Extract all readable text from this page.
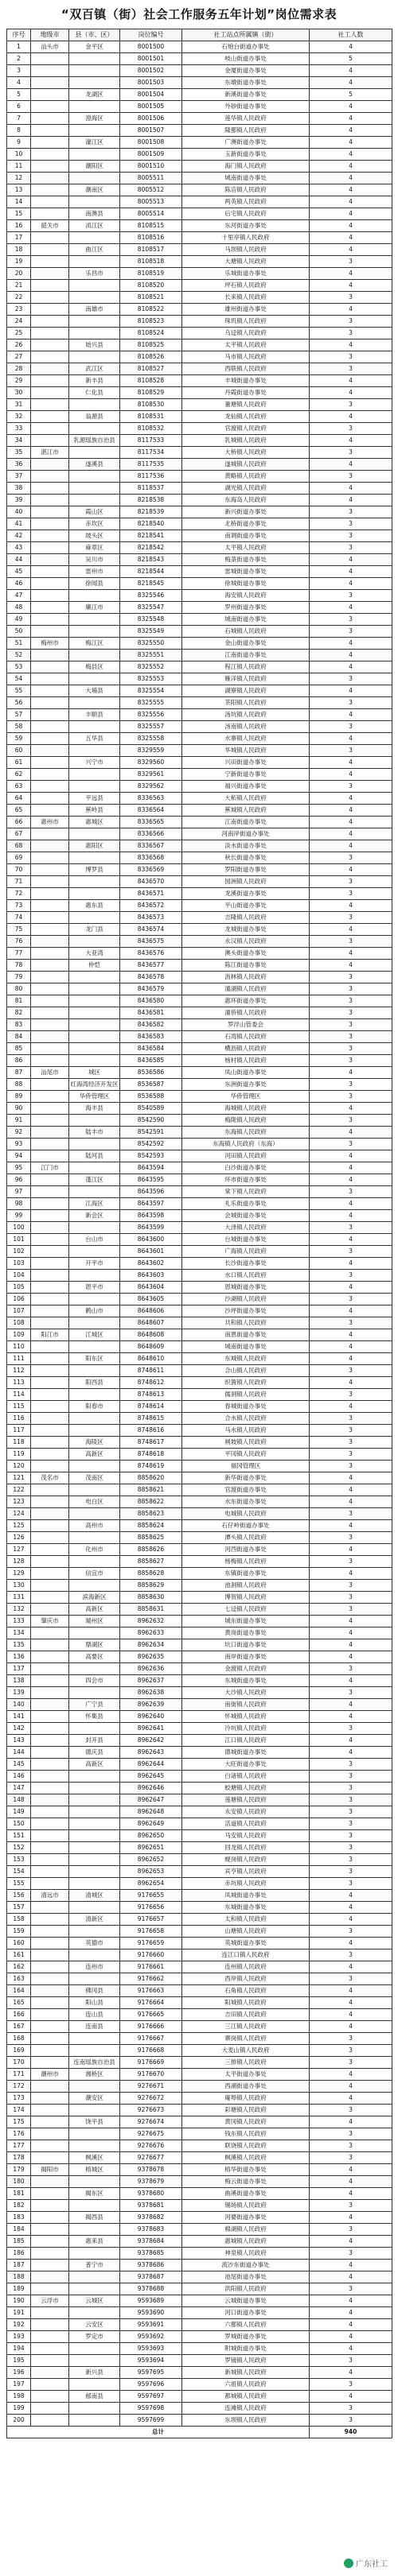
“双百镇（街）社会工作服务五年计划”岗位需求表
序号	地级市	县（市、区）	岗位编号	社工站点所属镇（街）	社工人数
1	汕头市	金平区	8001500	石炮台街道办事处	4
2			8001501	岐山街道办事处	5
3			8001502	金厦街道办事处	4
4			8001503	东墩街道办事处	4
5		龙湖区	8001504	新溪街道办事处	5
6			8001505	外砂街道办事处	4
7		澄海区	8001506	莲华镇人民政府	4
8			8001507	隆都镇人民政府	4
9		濠江区	8001508	广澳街道办事处	4
10			8001509	玉新街道办事处	4
11		潮阳区	8001510	海门镇人民政府	4
12			8005511	城南街道办事处	4
13		潮南区	8005512	陈店镇人民政府	4
14			8005513	两英镇人民政府	4
15		南澳县	8005514	后宅镇人民政府	4
16	韶关市	浈江区	8108515	东河街道办事处	4
17			8108516	十里亭镇人民政府	4
18		曲江区	8108517	马坝镇人民政府	4
19			8108518	大塘镇人民政府	3
20		乐昌市	8108519	乐城街道办事处	4
21			8108520	坪石镇人民政府	4
22			8108521	长来镇人民政府	3
23		南雄市	8108522	雄州街道办事处	4
24			8108523	珠玑镇人民政府	3
25			8108524	乌迳镇人民政府	3
26		始兴县	8108525	太平镇人民政府	4
27			8108526	马市镇人民政府	3
28		武江区	8108527	西联镇人民政府	3
29		新丰县	8108528	丰城街道办事处	4
30		仁化县	8108529	丹霞街道办事处	4
31			8108530	董塘镇人民政府	3
32		翁源县	8108531	龙仙镇人民政府	4
33			8108532	官渡镇人民政府	3
34		乳源瑶族自治县	8117533	乳城镇人民政府	4
35	湛江市		8117534	大桥镇人民政府	3
36		遂溪县	8117535	遂城镇人民政府	4
37			8117536	黄略镇人民政府	3
38			8118537	湖光镇人民政府	4
39			8218538	东海岛人民政府	4
40		霞山区	8218539	新兴街道办事处	3
41		赤坎区	8218540	北桥街道办事处	3
42		坡头区	8218541	南调街道办事处	3
43		麻章区	8218542	太平镇人民政府	3
44		吴川市	8218543	梅菉街道办事处	4
45		雷州市	8218544	雷城街道办事处	4
46		徐闻县	8218545	徐城街道办事处	4
47			8325546	海安镇人民政府	3
48		廉江市	8325547	罗州街道办事处	4
49			8325548	城南街道办事处	3
50			8325549	石城镇人民政府	3
51	梅州市	梅江区	8325550	金山街道办事处	4
52			8325551	江南街道办事处	4
53		梅县区	8325552	程江镇人民政府	4
54			8325553	雁洋镇人民政府	3
55		大埔县	8325554	湖寮镇人民政府	4
56			8325555	茶阳镇人民政府	3
57		丰顺县	8325556	汤坑镇人民政府	4
58			8325557	汤南镇人民政府	3
59		五华县	8325558	水寨镇人民政府	4
60			8329559	华城镇人民政府	3
61		兴宁市	8329560	兴田街道办事处	4
62			8329561	宁新街道办事处	4
63			8329562	福兴街道办事处	3
64		平远县	8336563	大柘镇人民政府	4
65		蕉岭县	8336564	蕉城镇人民政府	4
66	惠州市	惠城区	8336565	江南街道办事处	4
67			8336566	河南岸街道办事处	4
68		惠阳区	8336567	淡水街道办事处	4
69			8336568	秋长街道办事处	3
70		博罗县	8336569	罗阳街道办事处	4
71			8436570	园洲镇人民政府	3
72			8436571	龙溪街道办事处	3
73		惠东县	8436572	平山街道办事处	4
74			8436573	吉隆镇人民政府	3
75		龙门县	8436574	龙城街道办事处	4
76			8436575	永汉镇人民政府	3
77		大亚湾	8436576	澳头街道办事处	4
78		仲恺	8436577	陈江街道办事处	4
79			8436578	沥林镇人民政府	3
80			8436579	潼湖镇人民政府	3
81			8436580	惠环街道办事处	3
82			8436581	潼侨镇人民政府	3
83			8436582	罗浮山管委会	3
84			8436583	石湾镇人民政府	3
85			8436584	横沥镇人民政府	3
86			8436585	杨村镇人民政府	3
87	汕尾市	城区	8536586	凤山街道办事处	4
88		红海湾经济开发区	8536587	东洲街道办事处	3
89		华侨管理区	8536588	华侨管理区	3
90		海丰县	8540589	海城镇人民政府	4
91			8542590	梅陇镇人民政府	3
92		陆丰市	8542591	东海镇人民政府	4
93			8542592	东海镇人民政府（东海）	3
94		陆河县	8542593	河田镇人民政府	4
95	江门市		8643594	白沙街道办事处	4
96		蓬江区	8643595	环市街道办事处	4
97			8643596	棠下镇人民政府	3
98		江海区	8643597	礼乐街道办事处	4
99		新会区	8643598	会城街道办事处	4
100			8643599	大泽镇人民政府	3
101		台山市	8643600	台城街道办事处	4
102			8643601	广海镇人民政府	3
103		开平市	8643602	长沙街道办事处	4
104			8643603	水口镇人民政府	3
105		恩平市	8643604	恩城街道办事处	4
106			8643605	沙湖镇人民政府	3
107		鹤山市	8648606	沙坪街道办事处	4
108			8648607	共和镇人民政府	3
109	阳江市	江城区	8648608	南恩街道办事处	4
110			8648609	城南街道办事处	4
111		阳东区	8648610	东城镇人民政府	4
112			8748611	合山镇人民政府	3
113		阳西县	8748612	织篢镇人民政府	4
114			8748613	儒洞镇人民政府	3
115		阳春市	8748614	春城街道办事处	4
116			8748615	合水镇人民政府	3
117			8748616	马水镇人民政府	3
118		海陵区	8748617	闸坡镇人民政府	3
119		高新区	8748618	平冈镇人民政府	3
120			8748619	福冈管理区	3
121	茂名市	茂南区	8858620	新华街道办事处	4
122			8858621	官渡街道办事处	4
123		电白区	8858622	水东街道办事处	4
124			8858623	电城镇人民政府	3
125		高州市	8858624	石仔岭街道办事处	4
126			8858625	潭头镇人民政府	3
127		化州市	8858626	河西街道办事处	4
128			8858627	杨梅镇人民政府	3
129		信宜市	8858628	东镇街道办事处	4
130			8858629	池洞镇人民政府	3
131		滨海新区	8858630	博贺镇人民政府	3
132		高新区	8858631	七迳镇人民政府	3
133	肇庆市	端州区	8962632	城东街道办事处	4
134			8962633	黄岗街道办事处	4
135		鼎湖区	8962634	坑口街道办事处	4
136		高要区	8962635	南岸街道办事处	4
137			8962636	金渡镇人民政府	3
138		四会市	8962637	东城街道办事处	4
139			8962638	大沙镇人民政府	3
140		广宁县	8962639	南街镇人民政府	4
141		怀集县	8962640	怀城镇人民政府	4
142			8962641	冷坑镇人民政府	3
143		封开县	8962642	江口镇人民政府	4
144		德庆县	8962643	德城街道办事处	4
145		高新区	8962644	大旺街道办事处	3
146			8962645	白诸镇人民政府	3
147			8962646	蛟塘镇人民政府	3
148			8962647	莲塘镇人民政府	3
149			8962648	永安镇人民政府	3
150			8962649	活道镇人民政府	3
151			8962650	马安镇人民政府	3
152			8962651	回龙镇人民政府	3
153			8962652	蚬岗镇人民政府	3
154			8962653	宾亨镇人民政府	3
155			8962654	赤坑镇人民政府	3
156	清远市	清城区	9176655	凤城街道办事处	4
157			9176656	东城街道办事处	4
158		清新区	9176657	太和镇人民政府	4
159			9176658	山塘镇人民政府	3
160		英德市	9176659	英城街道办事处	4
161			9176660	连江口镇人民政府	3
162		连州市	9176661	连州镇人民政府	4
163			9176662	西岸镇人民政府	3
164		佛冈县	9176663	石角镇人民政府	4
165		阳山县	9176664	阳城镇人民政府	4
166		连山县	9176665	吉田镇人民政府	4
167		连南县	9176666	三江镇人民政府	4
168			9176667	寨岗镇人民政府	3
169			9176668	大麦山镇人民政府	3
170		连南瑶族自治县	9176669	三排镇人民政府	3
171	潮州市	湘桥区	9176670	太平街道办事处	4
172			9276671	西湖街道办事处	4
173		潮安区	9276672	庵埠镇人民政府	4
174			9276673	彩塘镇人民政府	3
175		饶平县	9276674	黄冈镇人民政府	4
176			9276675	钱东镇人民政府	3
177			9276676	联饶镇人民政府	3
178		枫溪区	9276677	枫溪镇人民政府	3
179	揭阳市	榕城区	9378678	榕华街道办事处	4
180			9378679	梅云街道办事处	4
181		揭东区	9378680	曲溪街道办事处	4
182			9378681	锡场镇人民政府	3
183		揭西县	9378682	河婆街道办事处	4
184			9378683	棉湖镇人民政府	3
185		惠来县	9378684	惠城镇人民政府	4
186			9378685	神泉镇人民政府	3
187		普宁市	9378686	流沙东街道办事处	4
188			9378687	池尾街道办事处	4
189			9378688	洪阳镇人民政府	3
190	云浮市	云城区	9593689	云城街道办事处	4
191			9593690	河口街道办事处	4
192		云安区	9593691	六都镇人民政府	4
193		罗定市	9593692	罗城街道办事处	4
194			9593693	附城街道办事处	4
195			9593694	罗镜镇人民政府	3
196		新兴县	9597695	新城镇人民政府	4
197			9597696	六祖镇人民政府	3
198		郁南县	9597697	都城镇人民政府	4
199			9597698	连滩镇人民政府	3
200			9597699	东坝镇人民政府	3
总计					940
广东社工
